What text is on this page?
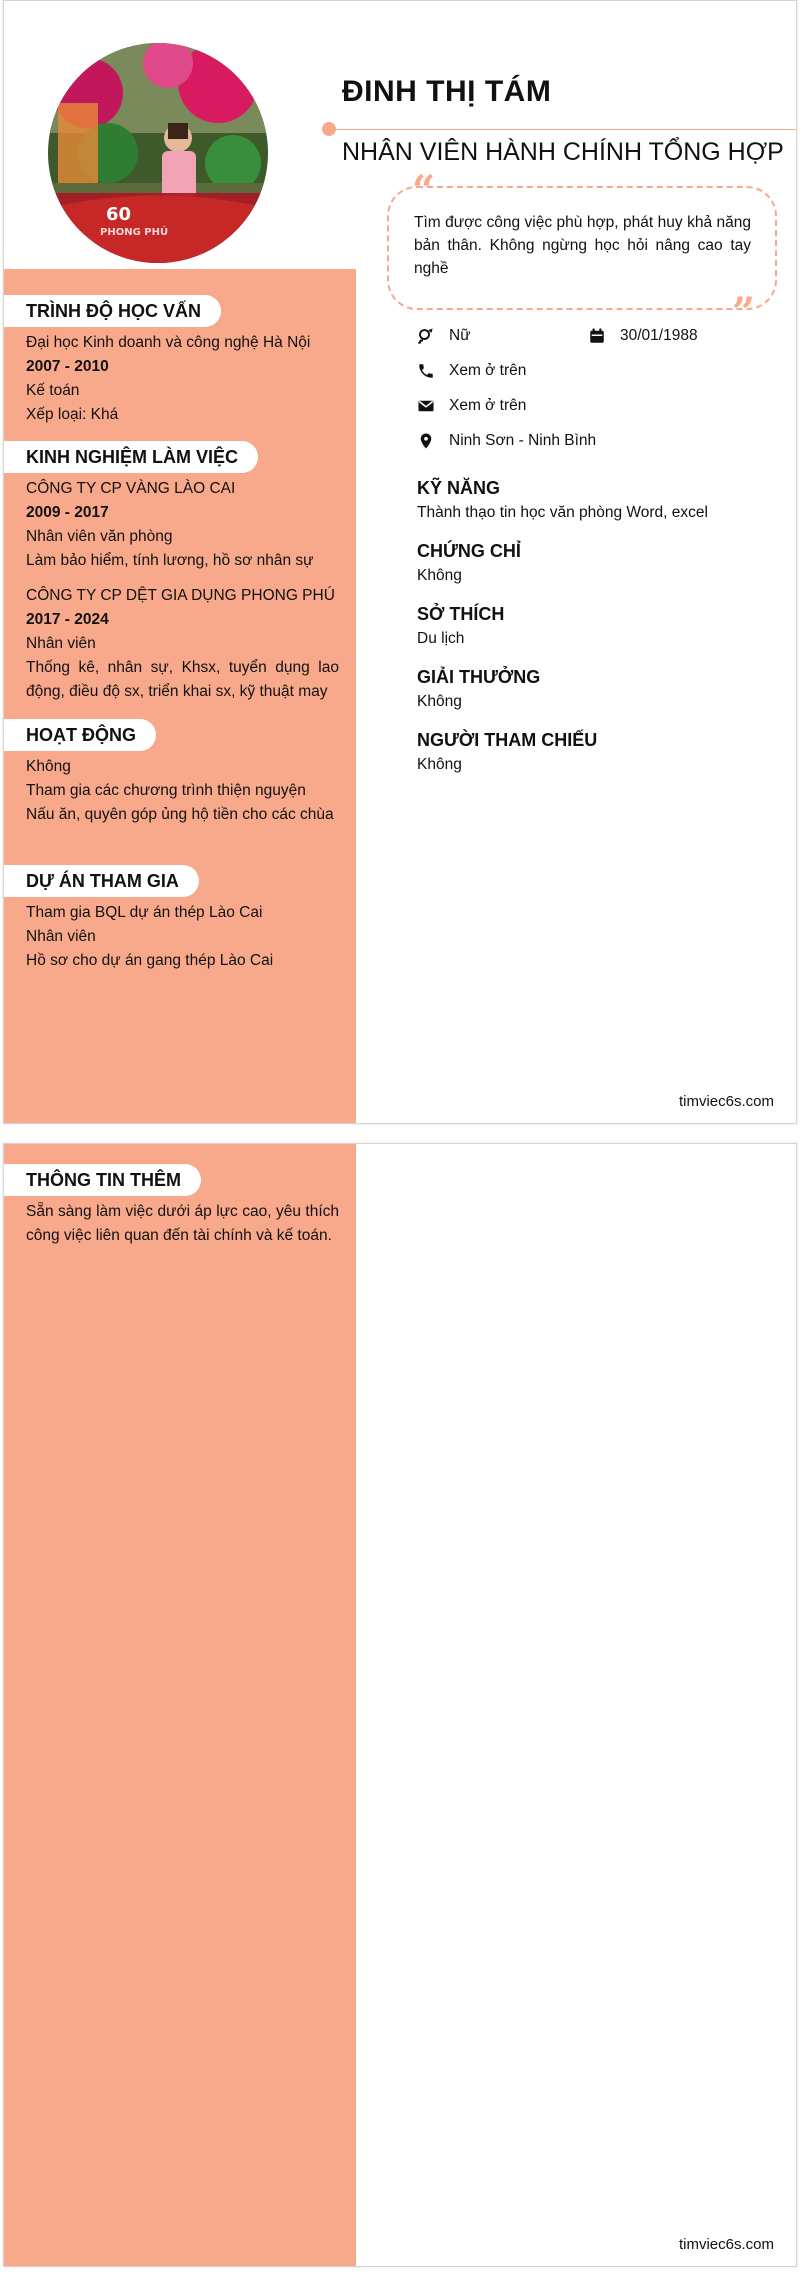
60
PHONG PHÚ
ĐINH THỊ TÁM
NHÂN VIÊN HÀNH CHÍNH TỔNG HỢP
“
”
Tìm được công việc phù hợp, phát huy khả năng bản thân. Không ngừng học hỏi nâng cao tay nghề
Nữ	30/01/1988
Xem ở trên
Xem ở trên
Ninh Sơn - Ninh Bình
KỸ NĂNG
Thành thạo tin học văn phòng Word, excel
CHỨNG CHỈ
Không
SỞ THÍCH
Du lịch
GIẢI THƯỞNG
Không
NGƯỜI THAM CHIẾU
Không
TRÌNH ĐỘ HỌC VẤN
Đại học Kinh doanh và công nghệ Hà Nội
2007 - 2010
Kế toán
Xếp loại: Khá
KINH NGHIỆM LÀM VIỆC
CÔNG TY CP VÀNG LÀO CAI
2009 - 2017
Nhân viên văn phòng
Làm bảo hiểm, tính lương, hồ sơ nhân sự
CÔNG TY CP DỆT GIA DỤNG PHONG PHÚ
2017 - 2024
Nhân viên
Thống kê, nhân sự, Khsx, tuyển dụng lao động, điều độ sx, triển khai sx, kỹ thuật may
HOẠT ĐỘNG
Không
Tham gia các chương trình thiện nguyện
Nấu ăn, quyên góp ủng hộ tiền cho các chùa
DỰ ÁN THAM GIA
Tham gia BQL dự án thép Lào Cai
Nhân viên
Hồ sơ cho dự án gang thép Lào Cai
timviec6s.com
THÔNG TIN THÊM
Sẵn sàng làm việc dưới áp lực cao, yêu thích công việc liên quan đến tài chính và kế toán.
timviec6s.com
